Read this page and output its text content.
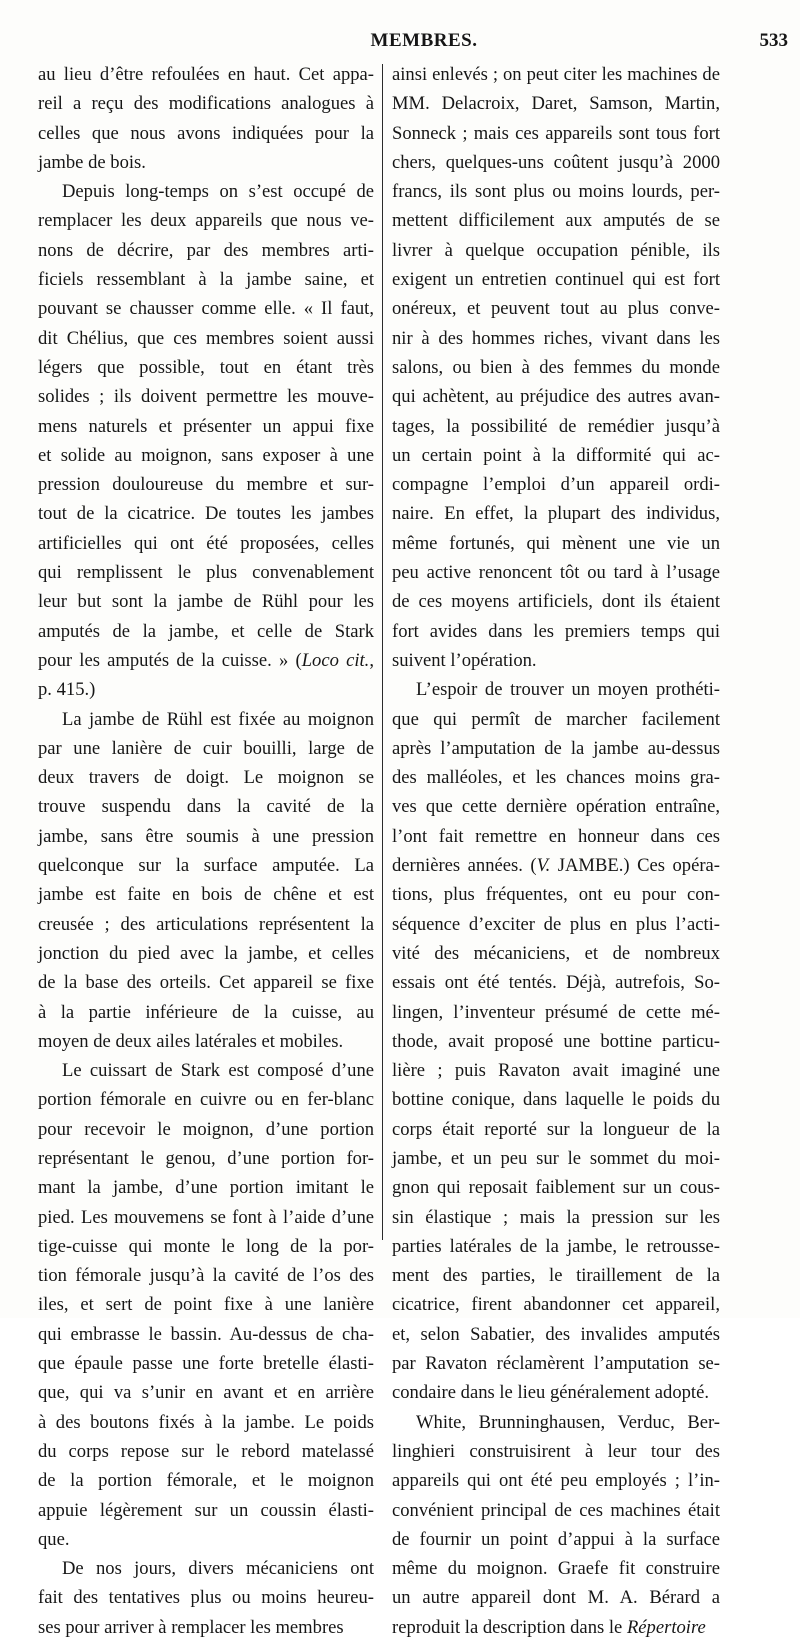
MEMBRES.	533
au lieu d’être refoulées en haut. Cet appa-
reil a reçu des modifications analogues à
celles que nous avons indiquées pour la
jambe de bois.
Depuis long-temps on s’est occupé de
remplacer les deux appareils que nous ve-
nons de décrire, par des membres arti-
ficiels ressemblant à la jambe saine, et
pouvant se chausser comme elle. « Il faut,
dit Chélius, que ces membres soient aussi
légers que possible, tout en étant très
solides ; ils doivent permettre les mouve-
mens naturels et présenter un appui fixe
et solide au moignon, sans exposer à une
pression douloureuse du membre et sur-
tout de la cicatrice. De toutes les jambes
artificielles qui ont été proposées, celles
qui remplissent le plus convenablement
leur but sont la jambe de Rühl pour les
amputés de la jambe, et celle de Stark
pour les amputés de la cuisse. » (Loco cit.,
p. 415.)
La jambe de Rühl est fixée au moignon
par une lanière de cuir bouilli, large de
deux travers de doigt. Le moignon se
trouve suspendu dans la cavité de la
jambe, sans être soumis à une pression
quelconque sur la surface amputée. La
jambe est faite en bois de chêne et est
creusée ; des articulations représentent la
jonction du pied avec la jambe, et celles
de la base des orteils. Cet appareil se fixe
à la partie inférieure de la cuisse, au
moyen de deux ailes latérales et mobiles.
Le cuissart de Stark est composé d’une
portion fémorale en cuivre ou en fer-blanc
pour recevoir le moignon, d’une portion
représentant le genou, d’une portion for-
mant la jambe, d’une portion imitant le
pied. Les mouvemens se font à l’aide d’une
tige-cuisse qui monte le long de la por-
tion fémorale jusqu’à la cavité de l’os des
iles, et sert de point fixe à une lanière
qui embrasse le bassin. Au-dessus de cha-
que épaule passe une forte bretelle élasti-
que, qui va s’unir en avant et en arrière
à des boutons fixés à la jambe. Le poids
du corps repose sur le rebord matelassé
de la portion fémorale, et le moignon
appuie légèrement sur un coussin élasti-
que.
De nos jours, divers mécaniciens ont
fait des tentatives plus ou moins heureu-
ses pour arriver à remplacer les membres
ainsi enlevés ; on peut citer les machines de
MM. Delacroix, Daret, Samson, Martin,
Sonneck ; mais ces appareils sont tous fort
chers, quelques-uns coûtent jusqu’à 2000
francs, ils sont plus ou moins lourds, per-
mettent difficilement aux amputés de se
livrer à quelque occupation pénible, ils
exigent un entretien continuel qui est fort
onéreux, et peuvent tout au plus conve-
nir à des hommes riches, vivant dans les
salons, ou bien à des femmes du monde
qui achètent, au préjudice des autres avan-
tages, la possibilité de remédier jusqu’à
un certain point à la difformité qui ac-
compagne l’emploi d’un appareil ordi-
naire. En effet, la plupart des individus,
même fortunés, qui mènent une vie un
peu active renoncent tôt ou tard à l’usage
de ces moyens artificiels, dont ils étaient
fort avides dans les premiers temps qui
suivent l’opération.
L’espoir de trouver un moyen prothéti-
que qui permît de marcher facilement
après l’amputation de la jambe au-dessus
des malléoles, et les chances moins gra-
ves que cette dernière opération entraîne,
l’ont fait remettre en honneur dans ces
dernières années. (V. JAMBE.) Ces opéra-
tions, plus fréquentes, ont eu pour con-
séquence d’exciter de plus en plus l’acti-
vité des mécaniciens, et de nombreux
essais ont été tentés. Déjà, autrefois, So-
lingen, l’inventeur présumé de cette mé-
thode, avait proposé une bottine particu-
lière ; puis Ravaton avait imaginé une
bottine conique, dans laquelle le poids du
corps était reporté sur la longueur de la
jambe, et un peu sur le sommet du moi-
gnon qui reposait faiblement sur un cous-
sin élastique ; mais la pression sur les
parties latérales de la jambe, le retrousse-
ment des parties, le tiraillement de la
cicatrice, firent abandonner cet appareil,
et, selon Sabatier, des invalides amputés
par Ravaton réclamèrent l’amputation se-
condaire dans le lieu généralement adopté.
White, Brunninghausen, Verduc, Ber-
linghieri construisirent à leur tour des
appareils qui ont été peu employés ; l’in-
convénient principal de ces machines était
de fournir un point d’appui à la surface
même du moignon. Graefe fit construire
un autre appareil dont M. A. Bérard a
reproduit la description dans le Répertoire
